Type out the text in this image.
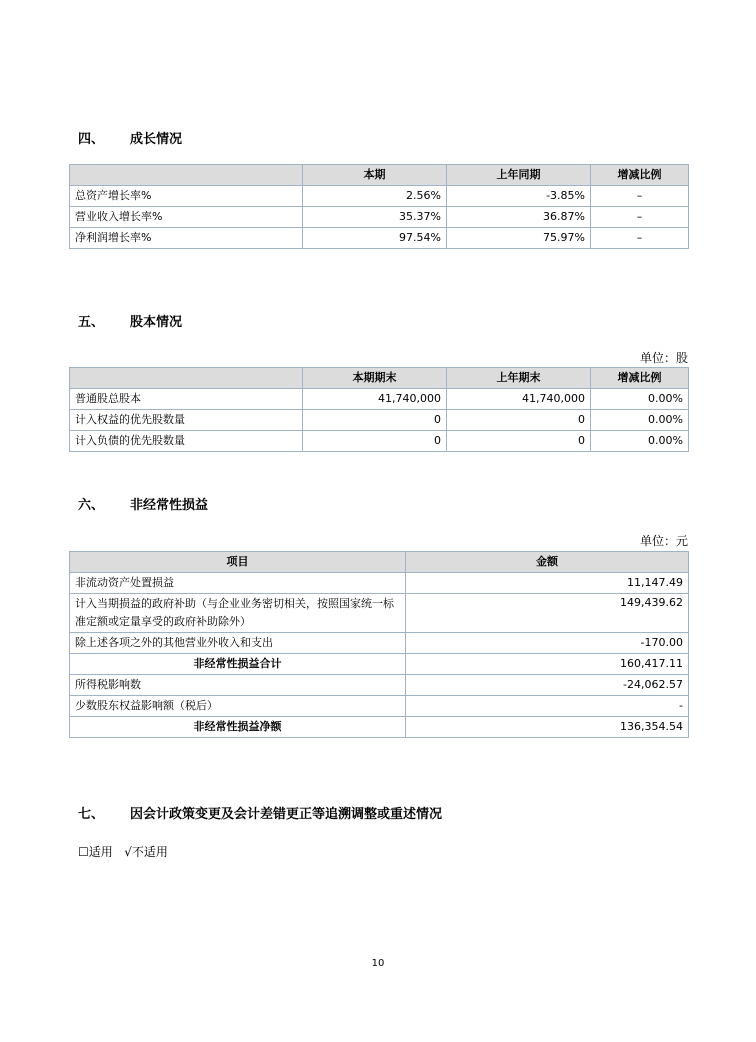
四、	成长情况
	本期	上年同期	增减比例
总资产增长率%	2.56%	-3.85%	–
营业收入增长率%	35.37%	36.87%	–
净利润增长率%	97.54%	75.97%	–
五、	股本情况
单位：股
	本期期末	上年期末	增减比例
普通股总股本	41,740,000	41,740,000	0.00%
计入权益的优先股数量	0	0	0.00%
计入负债的优先股数量	0	0	0.00%
六、	非经常性损益
单位：元
项目	金额
非流动资产处置损益	11,147.49
计入当期损益的政府补助（与企业业务密切相关，按照国家统一标准定额或定量享受的政府补助除外）	149,439.62
除上述各项之外的其他营业外收入和支出	-170.00
非经常性损益合计	160,417.11
所得税影响数	-24,062.57
少数股东权益影响额（税后）	-
非经常性损益净额	136,354.54
七、	因会计政策变更及会计差错更正等追溯调整或重述情况
☐适用 √不适用
10
